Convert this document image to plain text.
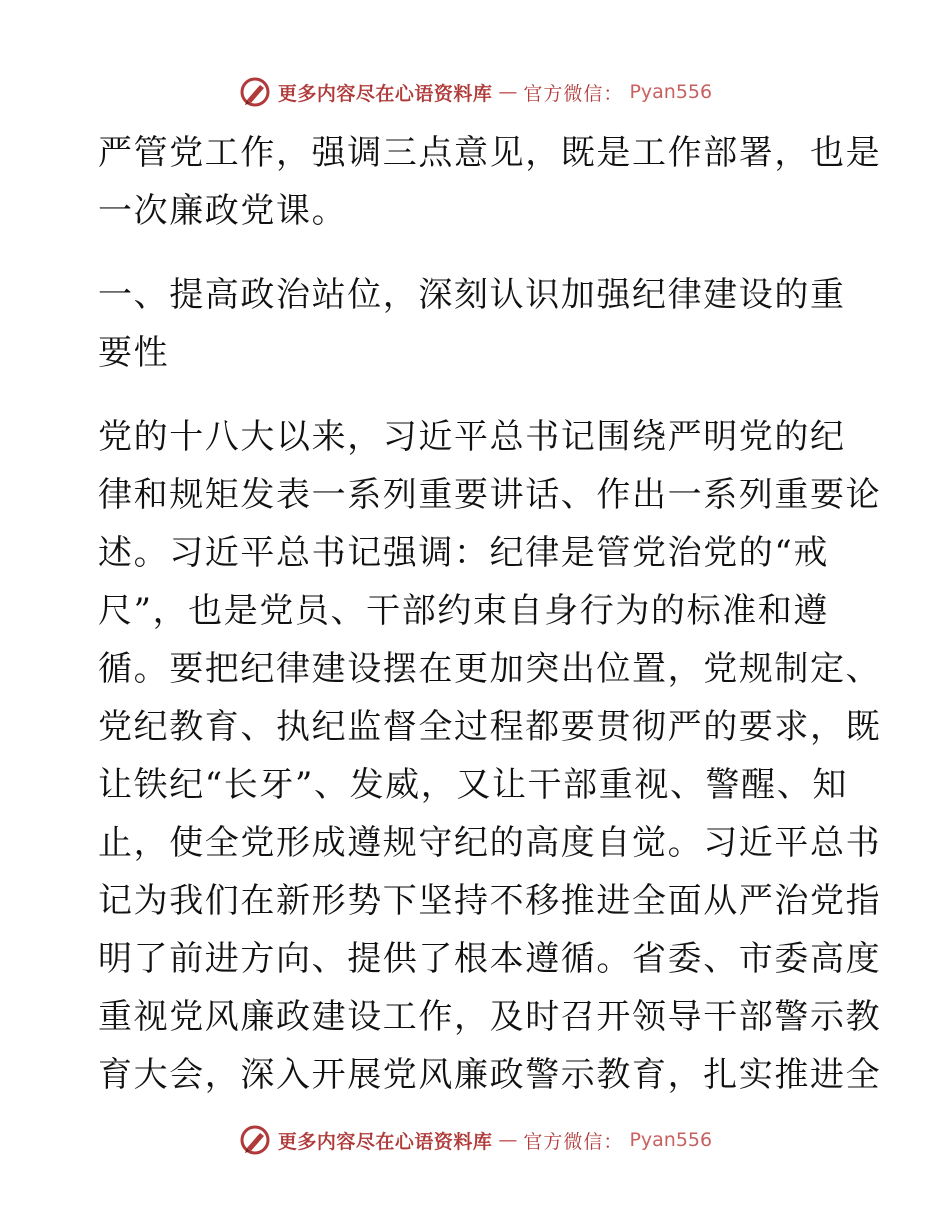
更多内容尽在心语资料库 — 官方微信： Pyan556
严管党工作，强调三点意见，既是工作部署，也是
一次廉政党课。
一、提高政治站位，深刻认识加强纪律建设的重
要性
党的十八大以来，习近平总书记围绕严明党的纪
律和规矩发表一系列重要讲话、作出一系列重要论
述。习近平总书记强调：纪律是管党治党的“戒
尺”，也是党员、干部约束自身行为的标准和遵
循。要把纪律建设摆在更加突出位置，党规制定、
党纪教育、执纪监督全过程都要贯彻严的要求，既
让铁纪“长牙”、发威，又让干部重视、警醒、知
止，使全党形成遵规守纪的高度自觉。习近平总书
记为我们在新形势下坚持不移推进全面从严治党指
明了前进方向、提供了根本遵循。省委、市委高度
重视党风廉政建设工作，及时召开领导干部警示教
育大会，深入开展党风廉政警示教育，扎实推进全
更多内容尽在心语资料库 — 官方微信： Pyan556
